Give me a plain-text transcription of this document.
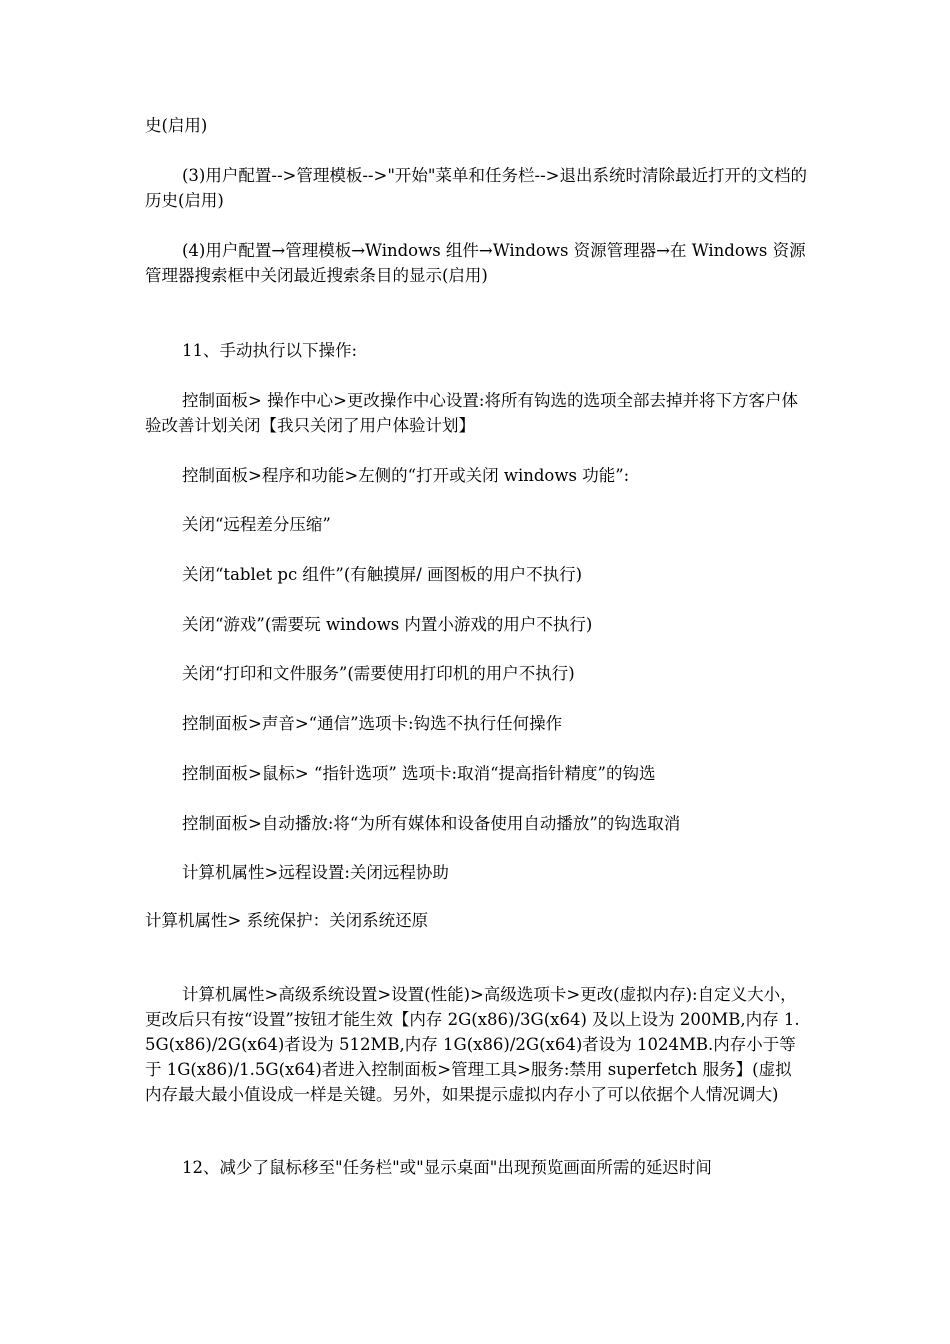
史(启用)

(3)用户配置-->管理模板-->"开始"菜单和任务栏-->退出系统时清除最近打开的文档的历史(启用)

(4)用户配置→管理模板→Windows 组件→Windows 资源管理器→在 Windows 资源管理器搜索框中关闭最近搜索条目的显示(启用)

11、手动执行以下操作:

控制面板> 操作中心>更改操作中心设置:将所有钩选的选项全部去掉并将下方客户体验改善计划关闭【我只关闭了用户体验计划】

控制面板>程序和功能>左侧的“打开或关闭 windows 功能”:

关闭“远程差分压缩”

关闭“tablet pc 组件”(有触摸屏/ 画图板的用户不执行)

关闭“游戏”(需要玩 windows 内置小游戏的用户不执行)

关闭“打印和文件服务”(需要使用打印机的用户不执行)

控制面板>声音>“通信”选项卡:钩选不执行任何操作

控制面板>鼠标> “指针选项” 选项卡:取消“提高指针精度”的钩选

控制面板>自动播放:将“为所有媒体和设备使用自动播放”的钩选取消

计算机属性>远程设置:关闭远程协助

计算机属性> 系统保护：关闭系统还原

计算机属性>高级系统设置>设置(性能)>高级选项卡>更改(虚拟内存):自定义大小，更改后只有按“设置”按钮才能生效【内存 2G(x86)/3G(x64) 及以上设为 200MB,内存 1.5G(x86)/2G(x64)者设为 512MB,内存 1G(x86)/2G(x64)者设为 1024MB.内存小于等于 1G(x86)/1.5G(x64)者进入控制面板>管理工具>服务:禁用 superfetch 服务】(虚拟内存最大最小值设成一样是关键。另外，如果提示虚拟内存小了可以依据个人情况调大)

12、减少了鼠标移至"任务栏"或"显示桌面"出现预览画面所需的延迟时间
